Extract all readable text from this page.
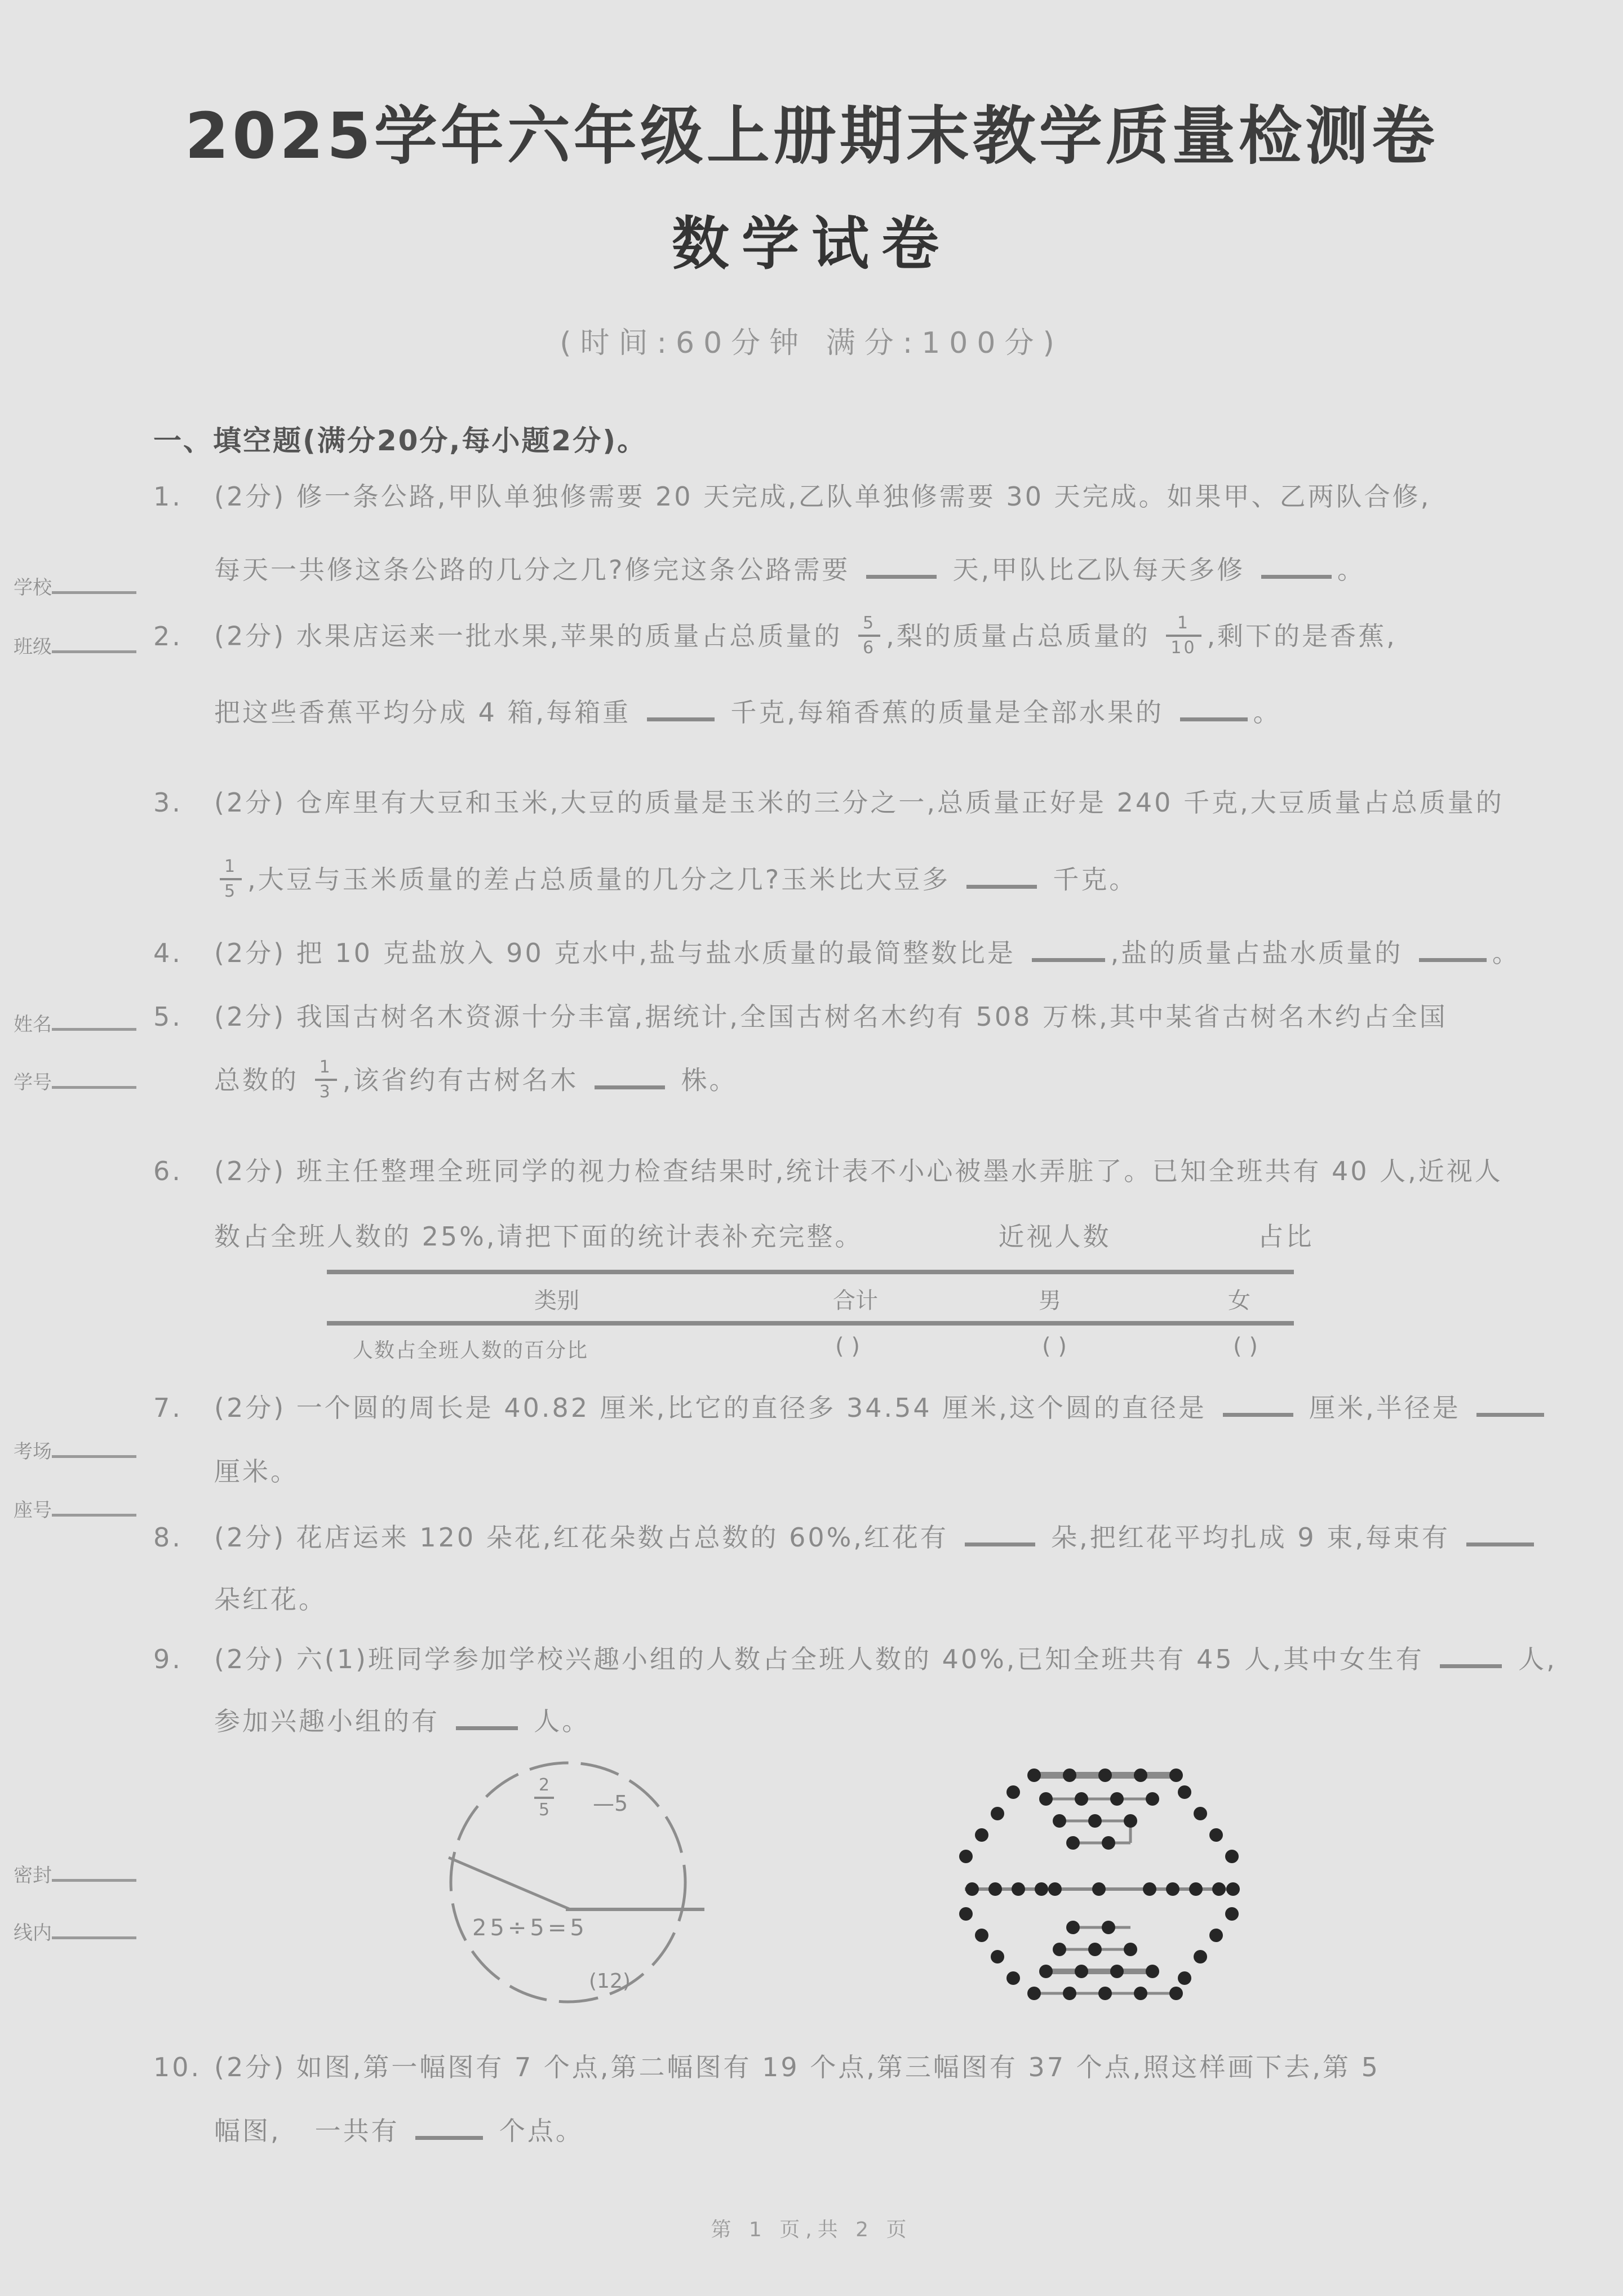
2025学年六年级上册期末教学质量检测卷
数学试卷
(时间:60分钟 满分:100分)
一、填空题(满分20分,每小题2分)。
1. (2分) 修一条公路,甲队单独修需要 20 天完成,乙队单独修需要 30 天完成。如果甲、乙两队合修,
每天一共修这条公路的几分之几?修完这条公路需要	天,甲队比乙队每天多修	。
2. (2分) 水果店运来一批水果,苹果的质量占总质量的 $\frac{5}{6}$ ,梨的质量占总质量的 $\frac{1}{10}$ ,剩下的是香蕉,
把这些香蕉平均分成 4 箱,每箱重	千克,每箱香蕉的质量是全部水果的	。
3. (2分) 仓库里有大豆和玉米,大豆的质量是玉米的三分之一,总质量正好是 240 千克,大豆质量占总质量的
$\frac{1}{5}$ ,大豆与玉米质量的差占总质量的几分之几?玉米比大豆多	千克。
4. (2分) 把 10 克盐放入 90 克水中,盐与盐水质量的最简整数比是	,盐的质量占盐水质量的	。
5. (2分) 我国古树名木资源十分丰富,据统计,全国古树名木约有 508 万株,其中某省古树名木约占全国
总数的 $\frac{1}{3}$ ,该省约有古树名木	株。
6. (2分) 班主任整理全班同学的视力检查结果时,统计表不小心被墨水弄脏了。已知全班共有 40 人,近视人
数占全班人数的 25%,请把下面的统计表补充完整。	近视人数	占比
7. (2分) 一个圆的周长是 40.82 厘米,比它的直径多 34.54 厘米,这个圆的直径是	厘米,半径是
厘米。
8. (2分) 花店运来 120 朵花,红花朵数占总数的 60%,红花有	朵,把红花平均扎成 9 束,每束有
朵红花。
9. (2分) 六(1)班同学参加学校兴趣小组的人数占全班人数的 40%,已知全班共有 45 人,其中女生有	人,
参加兴趣小组的有	人。
10. (2分) 如图,第一幅图有 7 个点,第二幅图有 19 个点,第三幅图有 37 个点,照这样画下去,第 5
幅图, 一共有	个点。
类别	合计	男	女
人数占全班人数的百分比	( )	( )	( )
$\frac{2}{5}$ —5
25÷5=5
(12)
学校
班级
姓名
学号
考场
座号
密封
线内
第 1 页,共 2 页
